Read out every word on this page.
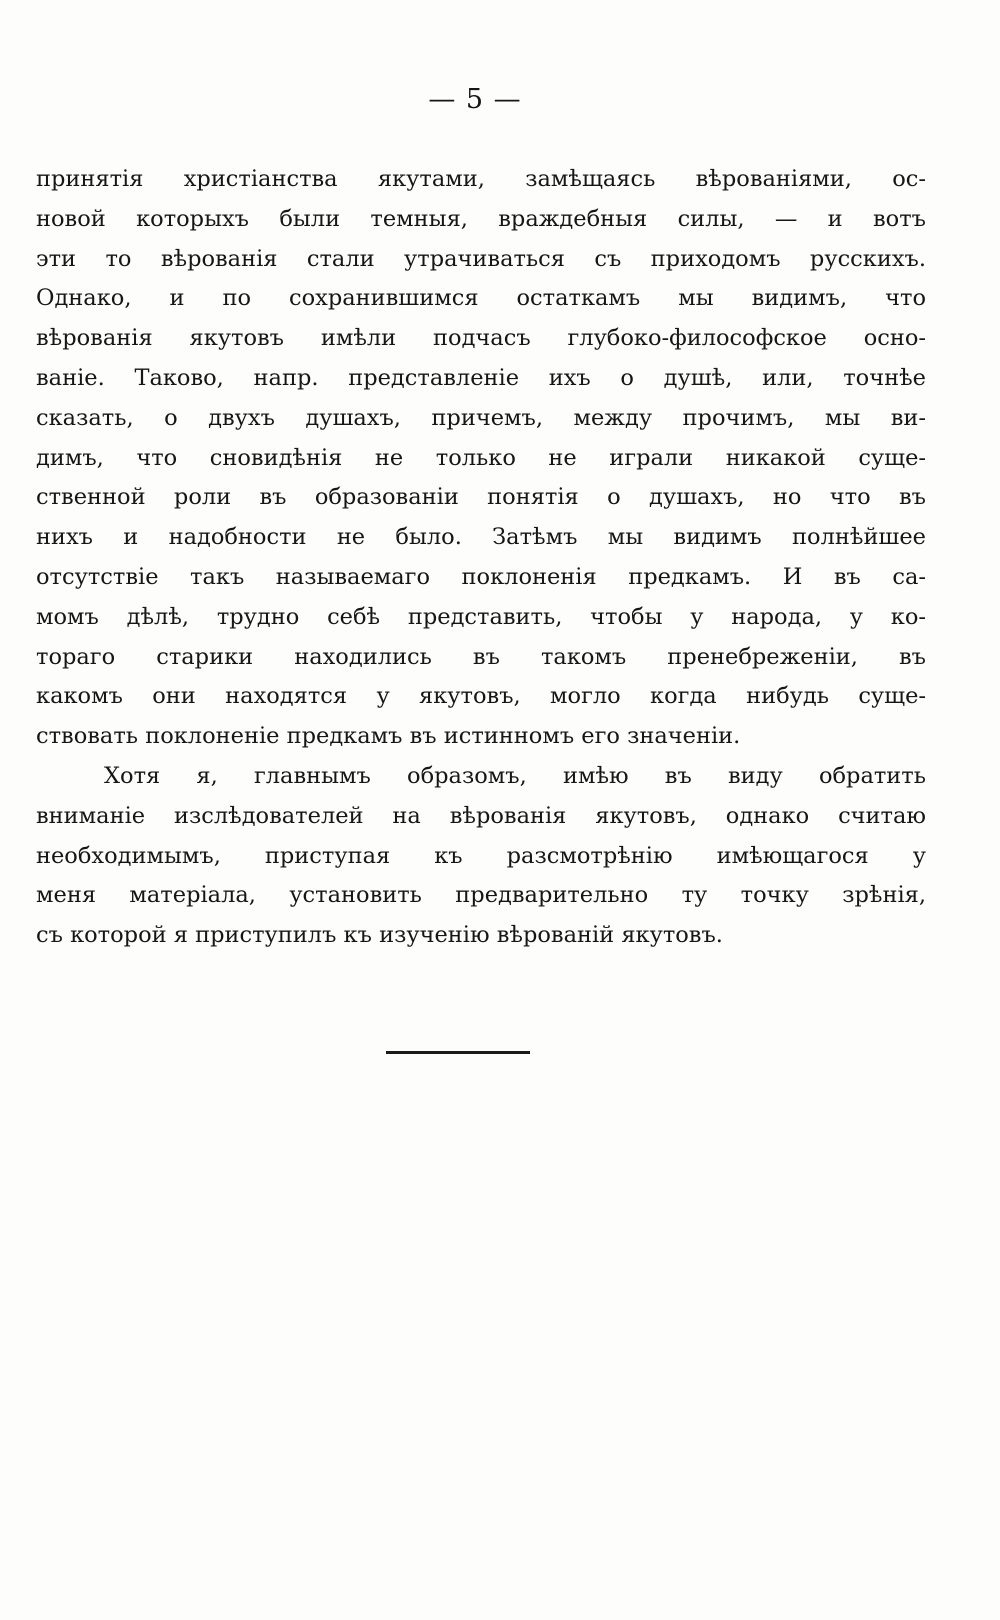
— 5 —
принятія христіанства якутами, замѣщаясь вѣрованіями, ос-
новой которыхъ были темныя, враждебныя силы, — и вотъ
эти то вѣрованія стали утрачиваться съ приходомъ русскихъ.
Однако, и по сохранившимся остаткамъ мы видимъ, что
вѣрованія якутовъ имѣли подчасъ глубоко-философское осно-
ваніе. Таково, напр. представленіе ихъ о душѣ, или, точнѣе
сказать, о двухъ душахъ, причемъ, между прочимъ, мы ви-
димъ, что сновидѣнія не только не играли никакой суще-
ственной роли въ образованіи понятія о душахъ, но что въ
нихъ и надобности не было. Затѣмъ мы видимъ полнѣйшее
отсутствіе такъ называемаго поклоненія предкамъ. И въ са-
момъ дѣлѣ, трудно себѣ представить, чтобы у народа, у ко-
тораго старики находились въ такомъ пренебреженіи, въ
какомъ они находятся у якутовъ, могло когда нибудь суще-
ствовать поклоненіе предкамъ въ истинномъ его значеніи.
Хотя я, главнымъ образомъ, имѣю въ виду обратить
вниманіе изслѣдователей на вѣрованія якутовъ, однако считаю
необходимымъ, приступая къ разсмотрѣнію имѣющагося у
меня матеріала, установить предварительно ту точку зрѣнія,
съ которой я приступилъ къ изученію вѣрованій якутовъ.
